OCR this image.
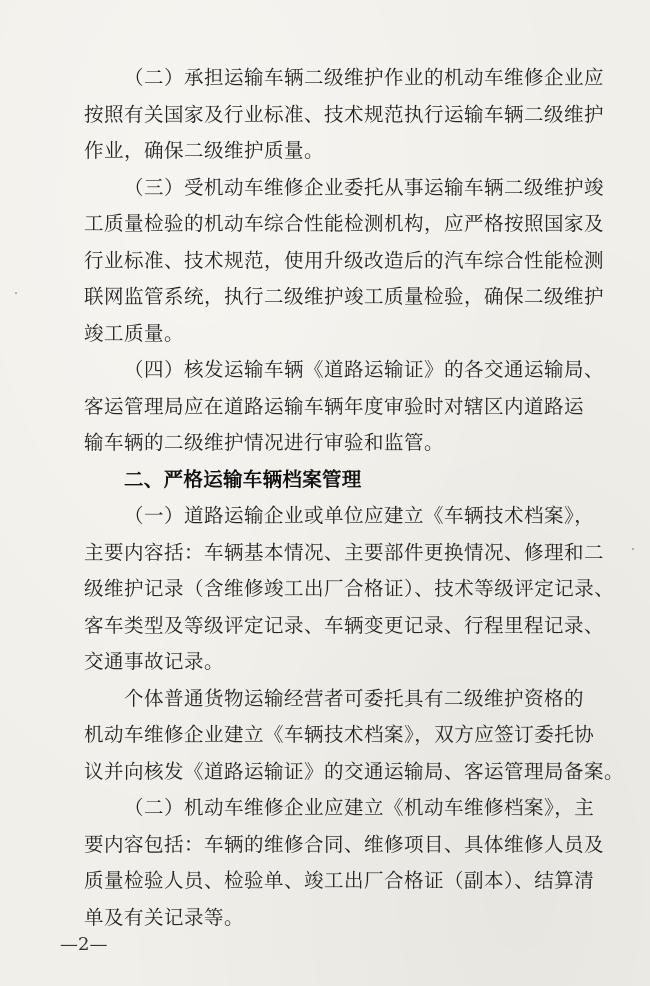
（二）承担运输车辆二级维护作业的机动车维修企业应
按照有关国家及行业标准、技术规范执行运输车辆二级维护
作业，确保二级维护质量。
（三）受机动车维修企业委托从事运输车辆二级维护竣
工质量检验的机动车综合性能检测机构，应严格按照国家及
行业标准、技术规范，使用升级改造后的汽车综合性能检测
联网监管系统，执行二级维护竣工质量检验，确保二级维护
竣工质量。
（四）核发运输车辆《道路运输证》的各交通运输局、
客运管理局应在道路运输车辆年度审验时对辖区内道路运
输车辆的二级维护情况进行审验和监管。
二、严格运输车辆档案管理
（一）道路运输企业或单位应建立《车辆技术档案》，
主要内容括：车辆基本情况、主要部件更换情况、修理和二
级维护记录（含维修竣工出厂合格证）、技术等级评定记录、
客车类型及等级评定记录、车辆变更记录、行程里程记录、
交通事故记录。
个体普通货物运输经营者可委托具有二级维护资格的
机动车维修企业建立《车辆技术档案》，双方应签订委托协
议并向核发《道路运输证》的交通运输局、客运管理局备案。
（二）机动车维修企业应建立《机动车维修档案》，主
要内容包括：车辆的维修合同、维修项目、具体维修人员及
质量检验人员、检验单、竣工出厂合格证（副本）、结算清
单及有关记录等。
—2—
